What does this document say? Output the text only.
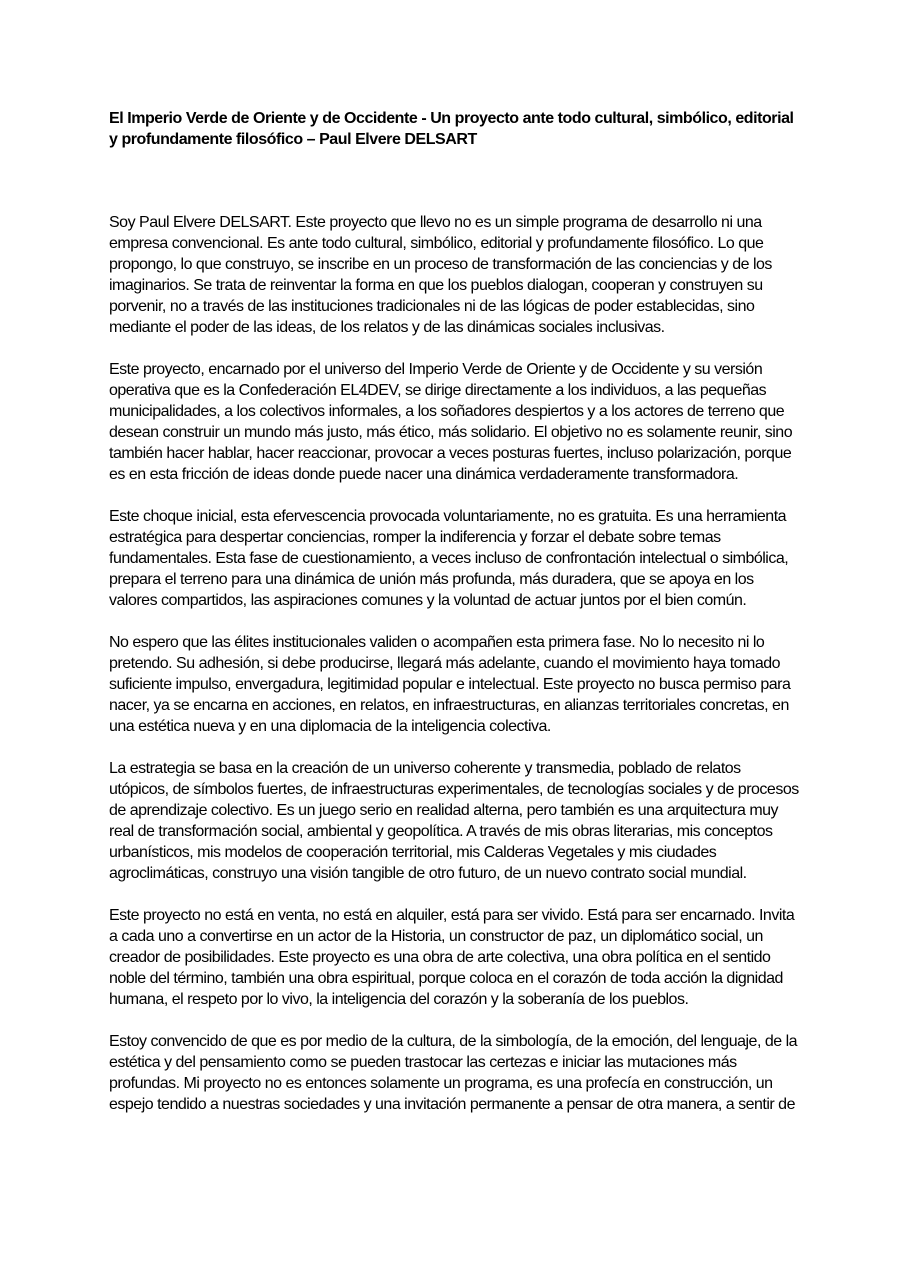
El Imperio Verde de Oriente y de Occidente - Un proyecto ante todo cultural, simbólico, editorial y profundamente filosófico – Paul Elvere DELSART

Soy Paul Elvere DELSART. Este proyecto que llevo no es un simple programa de desarrollo ni una empresa convencional. Es ante todo cultural, simbólico, editorial y profundamente filosófico. Lo que propongo, lo que construyo, se inscribe en un proceso de transformación de las conciencias y de los imaginarios. Se trata de reinventar la forma en que los pueblos dialogan, cooperan y construyen su porvenir, no a través de las instituciones tradicionales ni de las lógicas de poder establecidas, sino mediante el poder de las ideas, de los relatos y de las dinámicas sociales inclusivas.

Este proyecto, encarnado por el universo del Imperio Verde de Oriente y de Occidente y su versión operativa que es la Confederación EL4DEV, se dirige directamente a los individuos, a las pequeñas municipalidades, a los colectivos informales, a los soñadores despiertos y a los actores de terreno que desean construir un mundo más justo, más ético, más solidario. El objetivo no es solamente reunir, sino también hacer hablar, hacer reaccionar, provocar a veces posturas fuertes, incluso polarización, porque es en esta fricción de ideas donde puede nacer una dinámica verdaderamente transformadora.

Este choque inicial, esta efervescencia provocada voluntariamente, no es gratuita. Es una herramienta estratégica para despertar conciencias, romper la indiferencia y forzar el debate sobre temas fundamentales. Esta fase de cuestionamiento, a veces incluso de confrontación intelectual o simbólica, prepara el terreno para una dinámica de unión más profunda, más duradera, que se apoya en los valores compartidos, las aspiraciones comunes y la voluntad de actuar juntos por el bien común.

No espero que las élites institucionales validen o acompañen esta primera fase. No lo necesito ni lo pretendo. Su adhesión, si debe producirse, llegará más adelante, cuando el movimiento haya tomado suficiente impulso, envergadura, legitimidad popular e intelectual. Este proyecto no busca permiso para nacer, ya se encarna en acciones, en relatos, en infraestructuras, en alianzas territoriales concretas, en una estética nueva y en una diplomacia de la inteligencia colectiva.

La estrategia se basa en la creación de un universo coherente y transmedia, poblado de relatos utópicos, de símbolos fuertes, de infraestructuras experimentales, de tecnologías sociales y de procesos de aprendizaje colectivo. Es un juego serio en realidad alterna, pero también es una arquitectura muy real de transformación social, ambiental y geopolítica. A través de mis obras literarias, mis conceptos urbanísticos, mis modelos de cooperación territorial, mis Calderas Vegetales y mis ciudades agroclimáticas, construyo una visión tangible de otro futuro, de un nuevo contrato social mundial.

Este proyecto no está en venta, no está en alquiler, está para ser vivido. Está para ser encarnado. Invita a cada uno a convertirse en un actor de la Historia, un constructor de paz, un diplomático social, un creador de posibilidades. Este proyecto es una obra de arte colectiva, una obra política en el sentido noble del término, también una obra espiritual, porque coloca en el corazón de toda acción la dignidad humana, el respeto por lo vivo, la inteligencia del corazón y la soberanía de los pueblos.

Estoy convencido de que es por medio de la cultura, de la simbología, de la emoción, del lenguaje, de la estética y del pensamiento como se pueden trastocar las certezas e iniciar las mutaciones más profundas. Mi proyecto no es entonces solamente un programa, es una profecía en construcción, un espejo tendido a nuestras sociedades y una invitación permanente a pensar de otra manera, a sentir de
